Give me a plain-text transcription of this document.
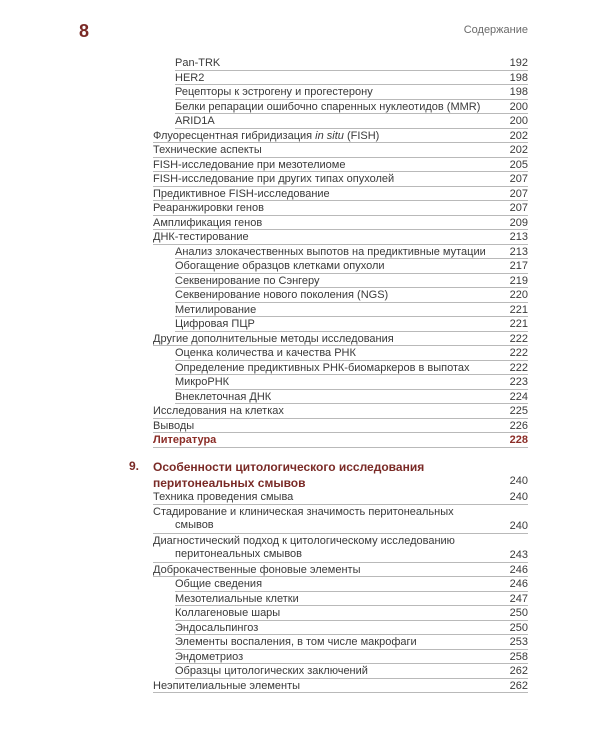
8	Содержание
Pan-TRK	192
HER2	198
Рецепторы к эстрогену и прогестерону	198
Белки репарации ошибочно спаренных нуклеотидов (MMR)	200
ARID1A	200
Флуоресцентная гибридизация in situ (FISH)	202
Технические аспекты	202
FISH-исследование при мезотелиоме	205
FISH-исследование при других типах опухолей	207
Предиктивное FISH-исследование	207
Реаранжировки генов	207
Амплификация генов	209
ДНК-тестирование	213
Анализ злокачественных выпотов на предиктивные мутации 213
Обогащение образцов клетками опухоли	217
Секвенирование по Сэнгеру	219
Секвенирование нового поколения (NGS)	220
Метилирование	221
Цифровая ПЦР	221
Другие дополнительные методы исследования	222
Оценка количества и качества РНК	222
Определение предиктивных РНК-биомаркеров в выпотах	222
МикроРНК	223
Внеклеточная ДНК	224
Исследования на клетках	225
Выводы	226
Литература	228
9. Особенности цитологического исследования перитонеальных смывов	240
Техника проведения смыва	240
Стадирование и клиническая значимость перитонеальных
смывов	240
Диагностический подход к цитологическому исследованию
перитонеальных смывов	243
Доброкачественные фоновые элементы	246
Общие сведения	246
Мезотелиальные клетки	247
Коллагеновые шары	250
Эндосальпингоз	250
Элементы воспаления, в том числе макрофаги	253
Эндометриоз	258
Образцы цитологических заключений	262
Неэпителиальные элементы	262
